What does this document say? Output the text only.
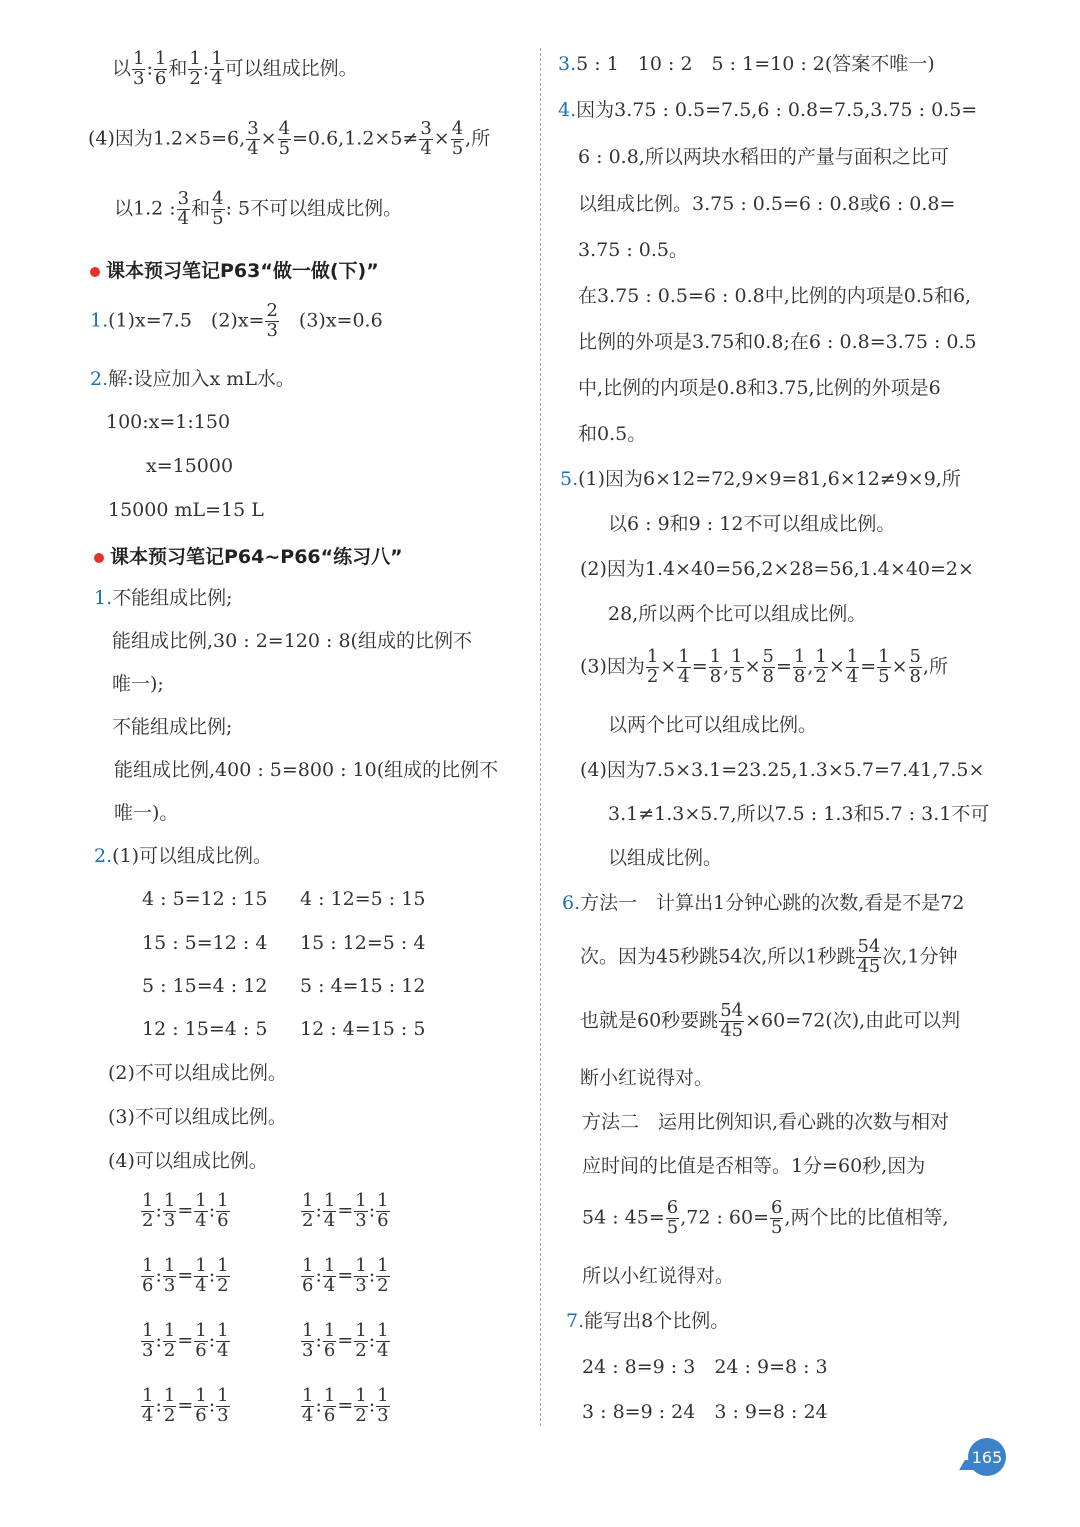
以 $\frac{1}{3}$ : $\frac{1}{6}$ 和 $\frac{1}{2}$ : $\frac{1}{4}$ 可以组成比例。
(4)因为1.2×5=6, $\frac{3}{4} \times \frac{4}{5} =0.6,1.2\times 5\ne \frac{3}{4} \times \frac{4}{5}$ ,所
以1.2 : $\frac{3}{4}$ 和 $\frac{4}{5}$ : 5不可以组成比例。
课本预习笔记P63“做一做(下)”
1.(1)x=7.5　$(2)x= \frac{2}{3}$ 　(3)x=0.6
2.解:设应加入x mL水。
100:x=1:150
x=15000
15000 mL=15 L
课本预习笔记P64~P66“练习八”
1.不能组成比例;
能组成比例,30 : 2=120 : 8(组成的比例不
唯一);
不能组成比例;
能组成比例,400 : 5=800 : 10(组成的比例不
唯一)。
2.(1)可以组成比例。
4 : 5=12 : 15 4 : 12=5 : 15
15 : 5=12 : 4 15 : 12=5 : 4
5 : 15=4 : 12 5 : 4=15 : 12
12 : 15=4 : 5 12 : 4=15 : 5
(2)不可以组成比例。
(3)不可以组成比例。
(4)可以组成比例。
$\frac{1}{2}$ : $\frac{1}{3} = \frac{1}{4}$ : $\frac{1}{6}$	$\frac{1}{2}$ : $\frac{1}{4} = \frac{1}{3}$ : $\frac{1}{6}$
$\frac{1}{6}$ : $\frac{1}{3} = \frac{1}{4}$ : $\frac{1}{2}$	$\frac{1}{6}$ : $\frac{1}{4} = \frac{1}{3}$ : $\frac{1}{2}$
$\frac{1}{3}$ : $\frac{1}{2} = \frac{1}{6}$ : $\frac{1}{4}$	$\frac{1}{3}$ : $\frac{1}{6} = \frac{1}{2}$ : $\frac{1}{4}$
$\frac{1}{4}$ : $\frac{1}{2} = \frac{1}{6}$ : $\frac{1}{3}$	$\frac{1}{4}$ : $\frac{1}{6} = \frac{1}{2}$ : $\frac{1}{3}$
3.5 : 1　10 : 2　5 : 1=10 : 2(答案不唯一)
4.因为3.75 : 0.5=7.5,6 : 0.8=7.5,3.75 : 0.5=
6 : 0.8,所以两块水稻田的产量与面积之比可
以组成比例。3.75 : 0.5=6 : 0.8或6 : 0.8=
3.75 : 0.5。
在3.75 : 0.5=6 : 0.8中,比例的内项是0.5和6,
比例的外项是3.75和0.8;在6 : 0.8=3.75 : 0.5
中,比例的内项是0.8和3.75,比例的外项是6
和0.5。
5.(1)因为6×12=72,9×9=81,6×12≠9×9,所
以6 : 9和9 : 12不可以组成比例。
(2)因为1.4×40=56,2×28=56,1.4×40=2×
28,所以两个比可以组成比例。
(3)因为 $\frac{1}{2} \times \frac{1}{4} = \frac{1}{8}$ , $\frac{1}{5} \times \frac{5}{8} = \frac{1}{8}$ , $\frac{1}{2} \times \frac{1}{4} = \frac{1}{5} \times \frac{5}{8}$ ,所
以两个比可以组成比例。
(4)因为7.5×3.1=23.25,1.3×5.7=7.41,7.5×
3.1≠1.3×5.7,所以7.5 : 1.3和5.7 : 3.1不可
以组成比例。
6.方法一　计算出1分钟心跳的次数,看是不是72
次。因为45秒跳54次,所以1秒跳 $\frac{54}{45}$ 次,1分钟
也就是60秒要跳 $\frac{54}{45} \times 60=72$(次),由此可以判
断小红说得对。
方法二　运用比例知识,看心跳的次数与相对
应时间的比值是否相等。1分=60秒,因为
54 : $45= \frac{6}{5} ,72$ : $60= \frac{6}{5}$ ,两个比的比值相等,
所以小红说得对。
7.能写出8个比例。
24 : 8=9 : 3　24 : 9=8 : 3
3 : 8=9 : 24　3 : 9=8 : 24
165
